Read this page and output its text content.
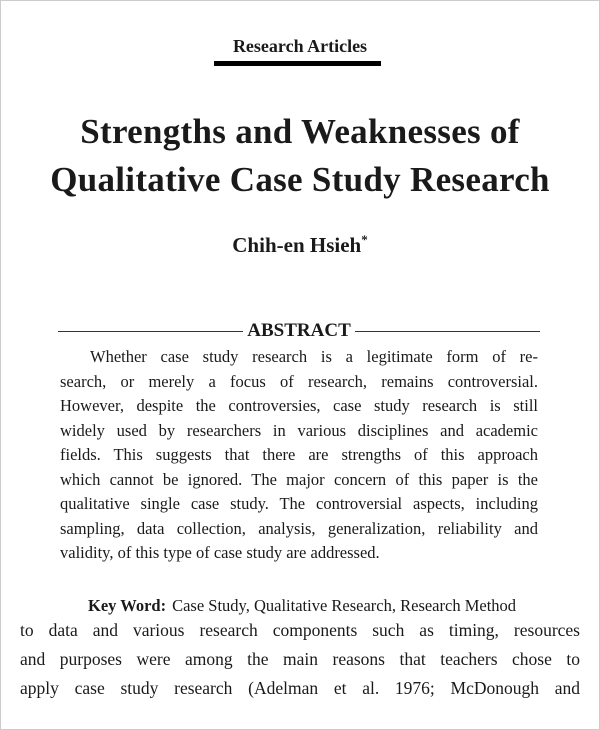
Research Articles
Strengths and Weaknesses of
Qualitative Case Study Research
Chih-en Hsieh*
ABSTRACT
Whether case study research is a legitimate form of re-
search, or merely a focus of research, remains controversial.
However, despite the controversies, case study research is still
widely used by researchers in various disciplines and academic
fields. This suggests that there are strengths of this approach
which cannot be ignored. The major concern of this paper is the
qualitative single case study. The controversial aspects, including
sampling, data collection, analysis, generalization, reliability and
validity, of this type of case study are addressed.
Key Word: Case Study, Qualitative Research, Research Method
to data and various research components such as timing, resources
and purposes were among the main reasons that teachers chose to
apply case study research (Adelman et al. 1976; McDonough and
